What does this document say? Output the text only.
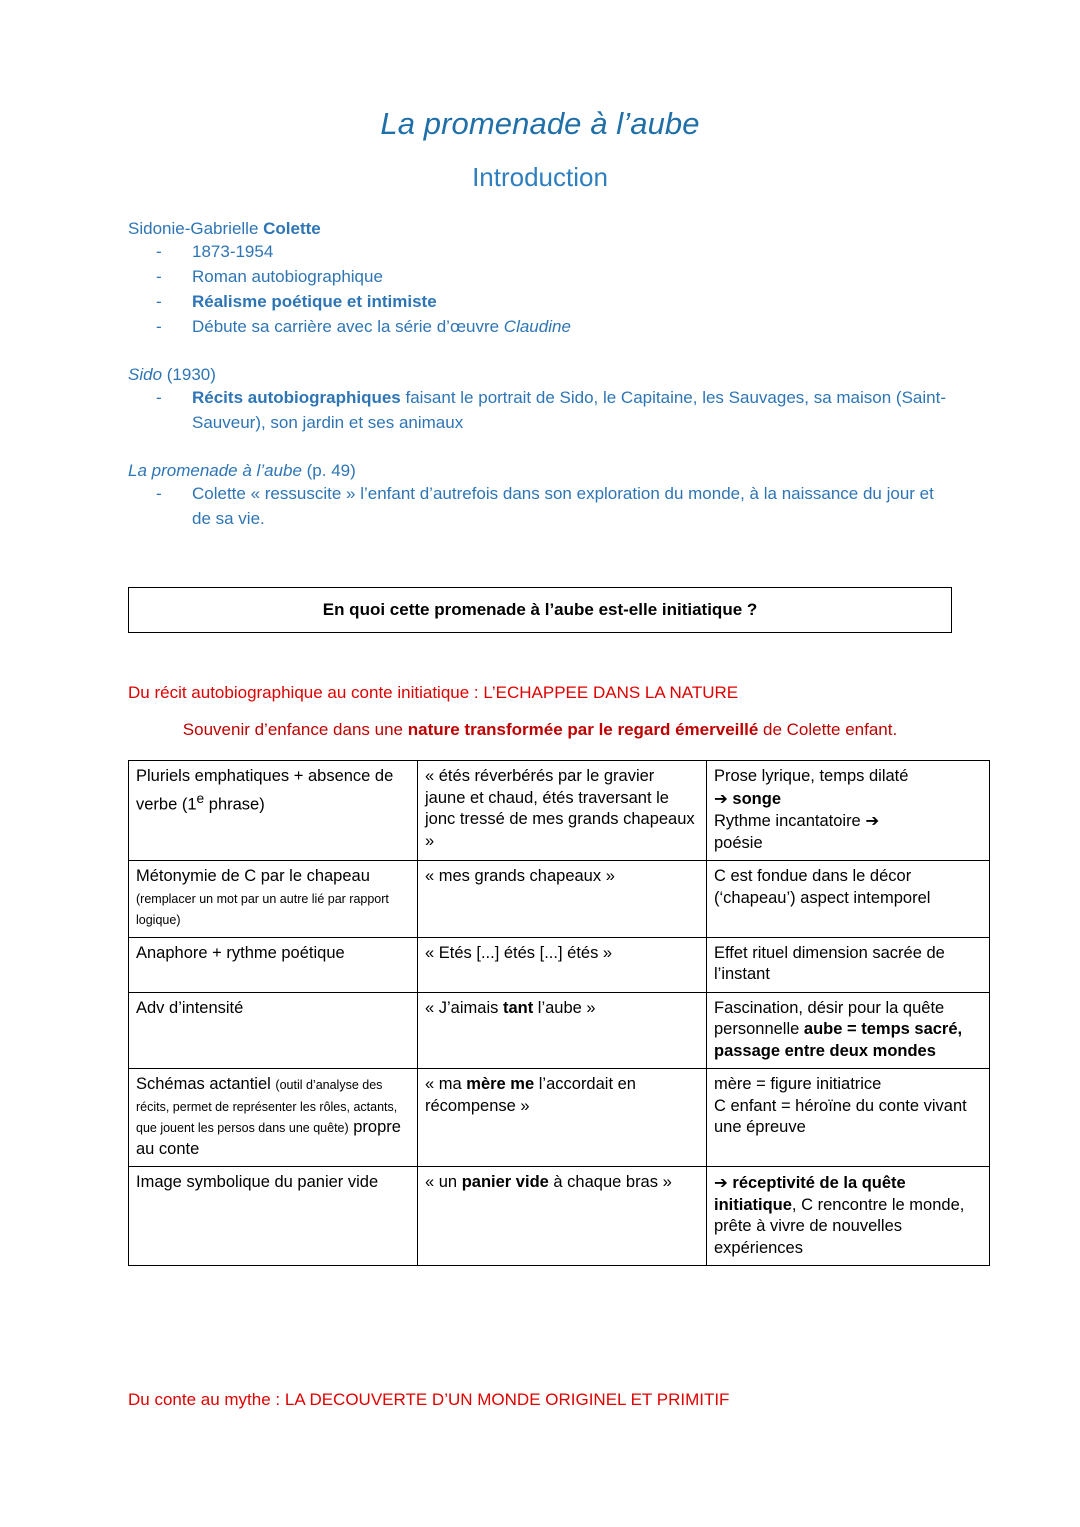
La promenade à l’aube
Introduction
Sidonie-Gabrielle Colette
- 1873-1954
- Roman autobiographique
- Réalisme poétique et intimiste
- Débute sa carrière avec la série d’œuvre Claudine
Sido (1930)
- Récits autobiographiques faisant le portrait de Sido, le Capitaine, les Sauvages, sa maison (Saint-Sauveur), son jardin et ses animaux
La promenade à l’aube (p. 49)
- Colette « ressuscite » l’enfant d’autrefois dans son exploration du monde, à la naissance du jour et de sa vie.
En quoi cette promenade à l’aube est-elle initiatique ?
Du récit autobiographique au conte initiatique : L’ECHAPPEE DANS LA NATURE
Souvenir d’enfance dans une nature transformée par le regard émerveillé de Colette enfant.
Pluriels emphatiques + absence de verbe (1e phrase)	« étés réverbérés par le gravier jaune et chaud, étés traversant le jonc tressé de mes grands chapeaux »	Prose lyrique, temps dilaté
➔ songe
Rythme incantatoire ➔
poésie
Métonymie de C par le chapeau (remplacer un mot par un autre lié par rapport logique)	« mes grands chapeaux »	C est fondue dans le décor (‘chapeau’) aspect intemporel
Anaphore + rythme poétique	« Etés [...] étés [...] étés »	Effet rituel dimension sacrée de l’instant
Adv d’intensité	« J’aimais tant l’aube »	Fascination, désir pour la quête personnelle aube = temps sacré, passage entre deux mondes
Schémas actantiel (outil d’analyse des récits, permet de représenter les rôles, actants, que jouent les persos dans une quête) propre au conte	« ma mère me l’accordait en récompense »	mère = figure initiatrice
C enfant = héroïne du conte vivant une épreuve
Image symbolique du panier vide	« un panier vide à chaque bras »	➔ réceptivité de la quête initiatique, C rencontre le monde, prête à vivre de nouvelles expériences
Du conte au mythe : LA DECOUVERTE D’UN MONDE ORIGINEL ET PRIMITIF
